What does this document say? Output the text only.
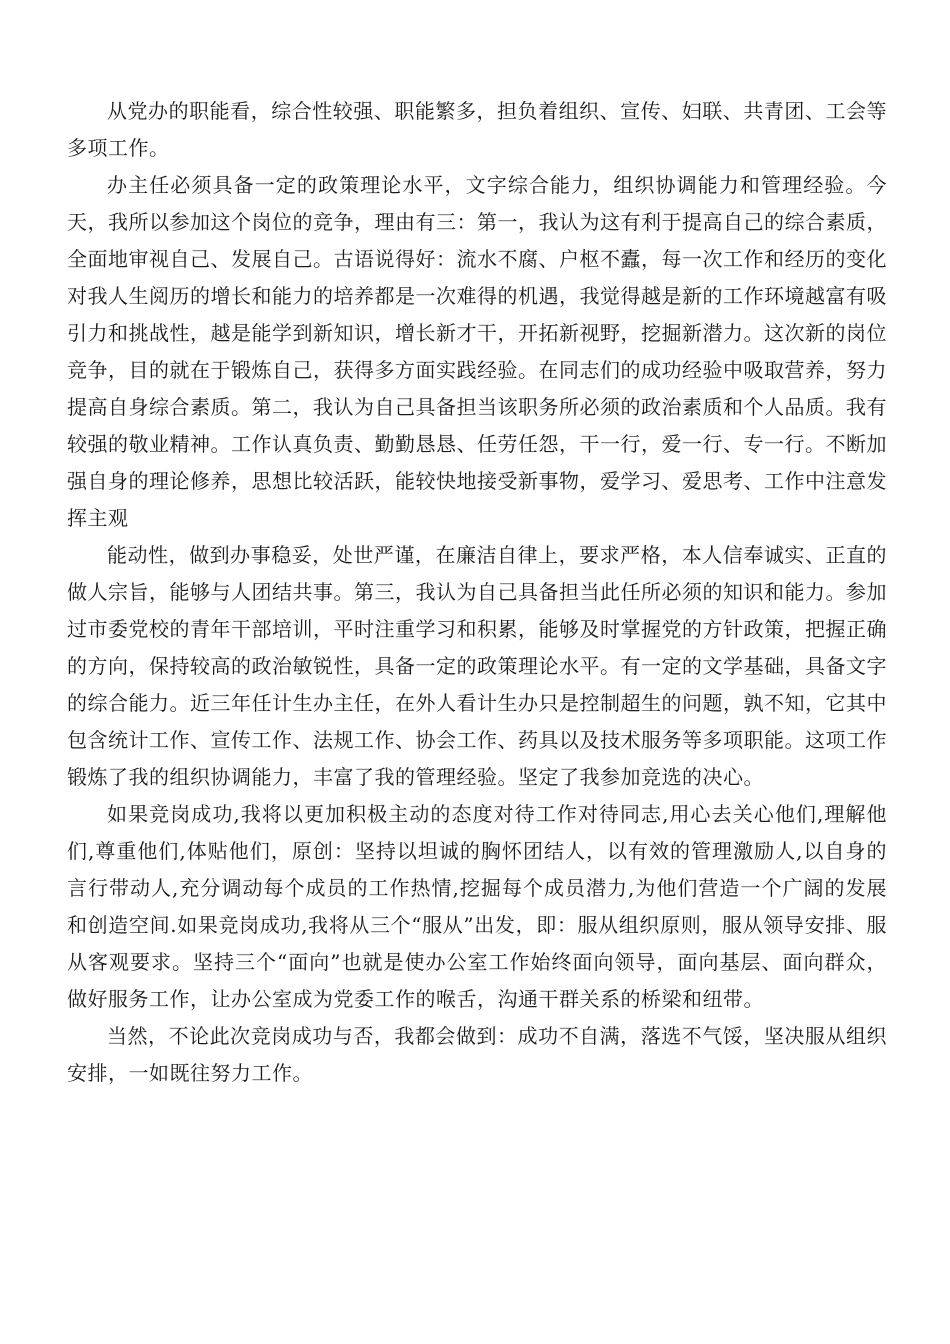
从党办的职能看，综合性较强、职能繁多，担负着组织、宣传、妇联、共青团、工会等多项工作。

办主任必须具备一定的政策理论水平，文字综合能力，组织协调能力和管理经验。今天，我所以参加这个岗位的竞争，理由有三：第一，我认为这有利于提高自己的综合素质，全面地审视自己、发展自己。古语说得好：流水不腐、户枢不蠹，每一次工作和经历的变化对我人生阅历的增长和能力的培养都是一次难得的机遇，我觉得越是新的工作环境越富有吸引力和挑战性，越是能学到新知识，增长新才干，开拓新视野，挖掘新潜力。这次新的岗位竞争，目的就在于锻炼自己，获得多方面实践经验。在同志们的成功经验中吸取营养，努力提高自身综合素质。第二，我认为自己具备担当该职务所必须的政治素质和个人品质。我有较强的敬业精神。工作认真负责、勤勤恳恳、任劳任怨，干一行，爱一行、专一行。不断加强自身的理论修养，思想比较活跃，能较快地接受新事物，爱学习、爱思考、工作中注意发挥主观

能动性，做到办事稳妥，处世严谨，在廉洁自律上，要求严格，本人信奉诚实、正直的做人宗旨，能够与人团结共事。第三，我认为自己具备担当此任所必须的知识和能力。参加过市委党校的青年干部培训，平时注重学习和积累，能够及时掌握党的方针政策，把握正确的方向，保持较高的政治敏锐性，具备一定的政策理论水平。有一定的文学基础，具备文字的综合能力。近三年任计生办主任，在外人看计生办只是控制超生的问题，孰不知，它其中包含统计工作、宣传工作、法规工作、协会工作、药具以及技术服务等多项职能。这项工作锻炼了我的组织协调能力，丰富了我的管理经验。坚定了我参加竞选的决心。

如果竞岗成功,我将以更加积极主动的态度对待工作对待同志,用心去关心他们,理解他们,尊重他们,体贴他们，原创：坚持以坦诚的胸怀团结人，以有效的管理激励人,以自身的言行带动人,充分调动每个成员的工作热情,挖掘每个成员潜力,为他们营造一个广阔的发展和创造空间.如果竞岗成功,我将从三个“服从”出发，即：服从组织原则，服从领导安排、服从客观要求。坚持三个“面向”也就是使办公室工作始终面向领导，面向基层、面向群众，做好服务工作，让办公室成为党委工作的喉舌，沟通干群关系的桥梁和纽带。

当然，不论此次竞岗成功与否，我都会做到：成功不自满，落选不气馁，坚决服从组织安排，一如既往努力工作。
